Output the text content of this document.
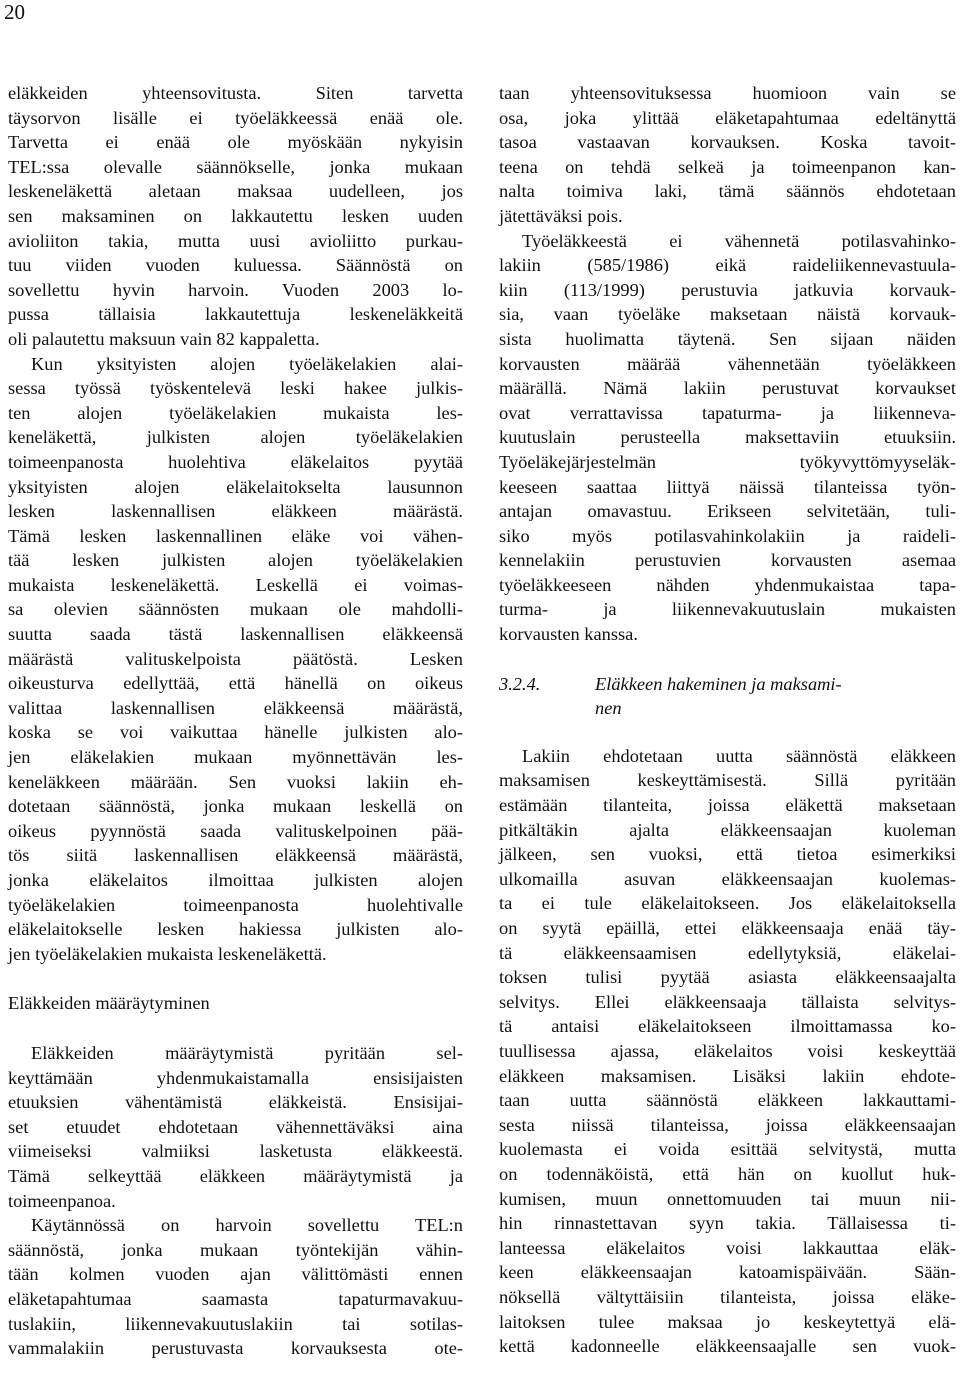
20

eläkkeiden yhteensovitusta. Siten tarvetta

täysorvon lisälle ei työeläkkeessä enää ole.

Tarvetta ei enää ole myöskään nykyisin

TEL:ssa olevalle säännökselle, jonka mukaan

leskeneläkettä aletaan maksaa uudelleen, jos

sen maksaminen on lakkautettu lesken uuden

avioliiton takia, mutta uusi avioliitto purkau-

tuu viiden vuoden kuluessa. Säännöstä on

sovellettu hyvin harvoin. Vuoden 2003 lo-

pussa tällaisia lakkautettuja leskeneläkkeitä

oli palautettu maksuun vain 82 kappaletta.

Kun yksityisten alojen työeläkelakien alai-

sessa työssä työskentelevä leski hakee julkis-

ten alojen työeläkelakien mukaista les-

keneläkettä, julkisten alojen työeläkelakien

toimeenpanosta huolehtiva eläkelaitos pyytää

yksityisten alojen eläkelaitokselta lausunnon

lesken laskennallisen eläkkeen määrästä.

Tämä lesken laskennallinen eläke voi vähen-

tää lesken julkisten alojen työeläkelakien

mukaista leskeneläkettä. Leskellä ei voimas-

sa olevien säännösten mukaan ole mahdolli-

suutta saada tästä laskennallisen eläkkeensä

määrästä valituskelpoista päätöstä. Lesken

oikeusturva edellyttää, että hänellä on oikeus

valittaa laskennallisen eläkkeensä määrästä,

koska se voi vaikuttaa hänelle julkisten alo-

jen eläkelakien mukaan myönnettävän les-

keneläkkeen määrään. Sen vuoksi lakiin eh-

dotetaan säännöstä, jonka mukaan leskellä on

oikeus pyynnöstä saada valituskelpoinen pää-

tös siitä laskennallisen eläkkeensä määrästä,

jonka eläkelaitos ilmoittaa julkisten alojen

työeläkelakien toimeenpanosta huolehtivalle

eläkelaitokselle lesken hakiessa julkisten alo-

jen työeläkelakien mukaista leskeneläkettä.

Eläkkeiden määräytyminen

Eläkkeiden määräytymistä pyritään sel-

keyttämään yhdenmukaistamalla ensisijaisten

etuuksien vähentämistä eläkkeistä. Ensisijai-

set etuudet ehdotetaan vähennettäväksi aina

viimeiseksi valmiiksi lasketusta eläkkeestä.

Tämä selkeyttää eläkkeen määräytymistä ja

toimeenpanoa.

Käytännössä on harvoin sovellettu TEL:n

säännöstä, jonka mukaan työntekijän vähin-

tään kolmen vuoden ajan välittömästi ennen

eläketapahtumaa saamasta tapaturmavakuu-

tuslakiin, liikennevakuutuslakiin tai sotilas-

vammalakiin perustuvasta korvauksesta ote-

taan yhteensovituksessa huomioon vain se

osa, joka ylittää eläketapahtumaa edeltänyttä

tasoa vastaavan korvauksen. Koska tavoit-

teena on tehdä selkeä ja toimeenpanon kan-

nalta toimiva laki, tämä säännös ehdotetaan

jätettäväksi pois.

Työeläkkeestä ei vähennetä potilasvahinko-

lakiin (585/1986) eikä raideliikennevastuula-

kiin (113/1999) perustuvia jatkuvia korvauk-

sia, vaan työeläke maksetaan näistä korvauk-

sista huolimatta täytenä. Sen sijaan näiden

korvausten määrää vähennetään työeläkkeen

määrällä. Nämä lakiin perustuvat korvaukset

ovat verrattavissa tapaturma- ja liikenneva-

kuutuslain perusteella maksettaviin etuuksiin.

Työeläkejärjestelmän työkyvyttömyyseläk-

keeseen saattaa liittyä näissä tilanteissa työn-

antajan omavastuu. Erikseen selvitetään, tuli-

siko myös potilasvahinkolakiin ja raideli-

kennelakiin perustuvien korvausten asemaa

työeläkkeeseen nähden yhdenmukaistaa tapa-

turma- ja liikennevakuutuslain mukaisten

korvausten kanssa.

3.2.4.	Eläkkeen hakeminen ja maksami-
nen

Lakiin ehdotetaan uutta säännöstä eläkkeen

maksamisen keskeyttämisestä. Sillä pyritään

estämään tilanteita, joissa eläkettä maksetaan

pitkältäkin ajalta eläkkeensaajan kuoleman

jälkeen, sen vuoksi, että tietoa esimerkiksi

ulkomailla asuvan eläkkeensaajan kuolemas-

ta ei tule eläkelaitokseen. Jos eläkelaitoksella

on syytä epäillä, ettei eläkkeensaaja enää täy-

tä eläkkeensaamisen edellytyksiä, eläkelai-

toksen tulisi pyytää asiasta eläkkeensaajalta

selvitys. Ellei eläkkeensaaja tällaista selvitys-

tä antaisi eläkelaitokseen ilmoittamassa ko-

tuullisessa ajassa, eläkelaitos voisi keskeyttää

eläkkeen maksamisen. Lisäksi lakiin ehdote-

taan uutta säännöstä eläkkeen lakkauttami-

sesta niissä tilanteissa, joissa eläkkeensaajan

kuolemasta ei voida esittää selvitystä, mutta

on todennäköistä, että hän on kuollut huk-

kumisen, muun onnettomuuden tai muun nii-

hin rinnastettavan syyn takia. Tällaisessa ti-

lanteessa eläkelaitos voisi lakkauttaa eläk-

keen eläkkeensaajan katoamispäivään. Sään-

nöksellä vältyttäisiin tilanteista, joissa eläke-

laitoksen tulee maksaa jo keskeytettyä elä-

kettä kadonneelle eläkkeensaajalle sen vuok-
